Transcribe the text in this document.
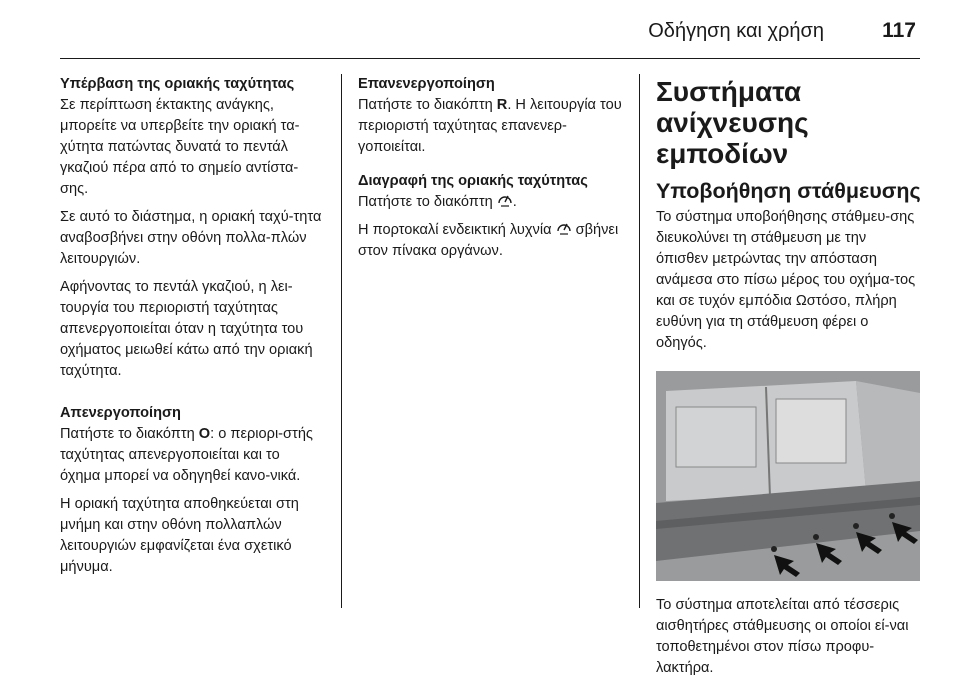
Οδήγηση και χρήση	117
Υπέρβαση της οριακής ταχύτητας

Σε περίπτωση έκτακτης ανάγκης, μπορείτε να υπερβείτε την οριακή τα-χύτητα πατώντας δυνατά το πεντάλ γκαζιού πέρα από το σημείο αντίστα-σης.

Σε αυτό το διάστημα, η οριακή ταχύ-τητα αναβοσβήνει στην οθόνη πολλα-πλών λειτουργιών.

Αφήνοντας το πεντάλ γκαζιού, η λει-τουργία του περιοριστή ταχύτητας απενεργοποιείται όταν η ταχύτητα του οχήματος μειωθεί κάτω από την οριακή ταχύτητα.

Απενεργοποίηση

Πατήστε το διακόπτη O: ο περιορι-στής ταχύτητας απενεργοποιείται και το όχημα μπορεί να οδηγηθεί κανο-νικά.

Η οριακή ταχύτητα αποθηκεύεται στη μνήμη και στην οθόνη πολλαπλών λειτουργιών εμφανίζεται ένα σχετικό μήνυμα.

Επανενεργοποίηση

Πατήστε το διακόπτη R. Η λειτουργία του περιοριστή ταχύτητας επανενερ-γοποιείται.

Διαγραφή της οριακής ταχύτητας

Πατήστε το διακόπτη .

Η πορτοκαλί ενδεικτική λυχνία  σβήνει στον πίνακα οργάνων.

Συστήματα ανίχνευσης εμποδίων
Υποβοήθηση στάθμευσης

Το σύστημα υποβοήθησης στάθμευ-σης διευκολύνει τη στάθμευση με την όπισθεν μετρώντας την απόσταση ανάμεσα στο πίσω μέρος του οχήμα-τος και σε τυχόν εμπόδια Ωστόσο, πλήρη ευθύνη για τη στάθμευση φέρει ο οδηγός.

Το σύστημα αποτελείται από τέσσερις αισθητήρες στάθμευσης οι οποίοι εί-ναι τοποθετημένοι στον πίσω προφυ-λακτήρα.
